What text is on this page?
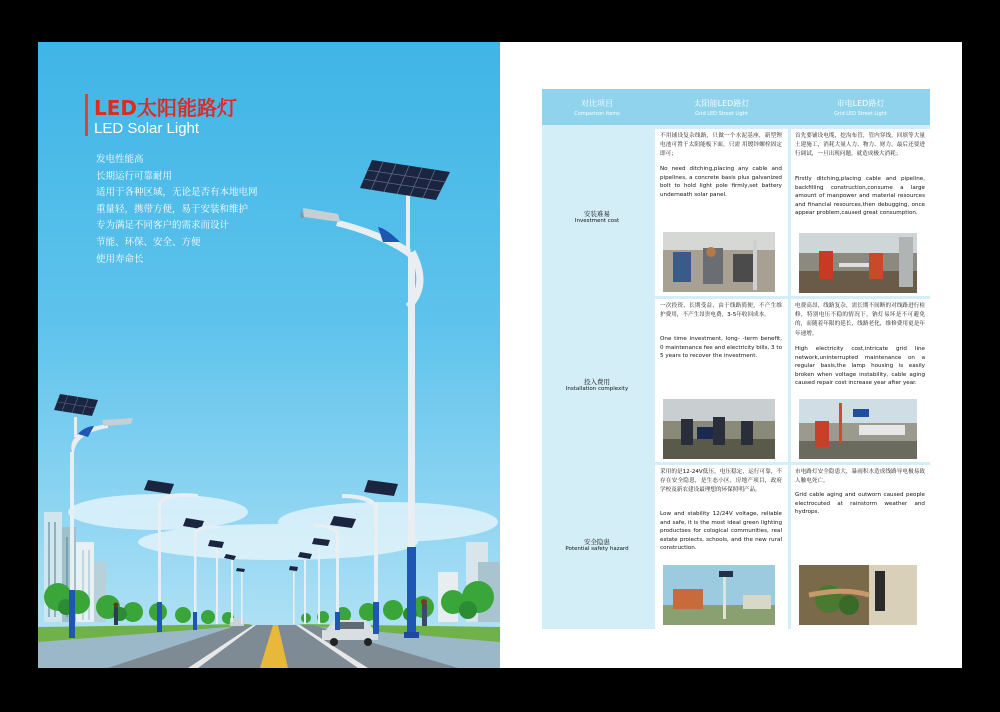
LED太阳能路灯
LED Solar Light
发电性能高
长期运行可靠耐用
适用于各种区域，无论是否有本地电网
重量轻，携带方便，易于安装和维护
专为满足不同客户的需求而设计
节能、环保、安全、方便
使用寿命长
对比项目
Comparison items
太阳能LED路灯
Grid LED Street Light
市电LED路灯
Grid LED Street Light
安装难易
Investment cost

不用铺设复杂线路，只做一个水泥基座，新型锂电池可置于太阳能板下面，只需 用镀锌螺栓固定即可；

No need ditching,placing any cable and pipelines, a concrete basis plus galvanized bolt to hold light pole firmly,set battery underneath solar panel.

首先要铺设电缆，挖沟布管，管内穿线，回填等大量土建施工，消耗大量人力、物力、财力，最后还要进行调试，一旦出现问题，就造成极大消耗；

Firstly ditching,placing cable and pipeline, backfilling construction,consume a large amount of manpower and material resources and financial resources,then debugging, once appear problem,caused great consumption.

投入费用
Installation complexity

一次投资、长期受益，由于线路简便，不产生维护费用，不产生昂贵电费，3-5年收回成本。

One time investment, long- -term benefit, 0 maintenance fee and electricity bills, 3 to 5 years to recover the investment.

电费高昂，线路复杂，需长期不间断的对线路进行检修，特别电压不稳的情况下，钠灯易坏是不可避免的，而随着年限的延长，线路老化，维修费用更是年年递增。

High electricity cost,intricate grid line network,uninterrupted maintenance on a regular basis,the lamp housing is easily broken when voltage instability, cable aging caused repair cost increase year after year.

安全隐患
Potential safety hazard

采用的是12-24V低压，电压稳定，运行可靠，不存在安全隐患，是生态小区，房地产项目，政府学校及新农建设最理想的环保照明产品。

Low and stability 12/24V voltage, reliable and safe, it is the most ideal green lighting productses for cological communities, real estate proiects, schools, and the new rural construction.

市电路灯安全隐患大，暴雨积水造成线路导电极易致人触电死亡。

Grid cable aging and outworn caused people electrocuted at rainstorm weather and hydrops.
